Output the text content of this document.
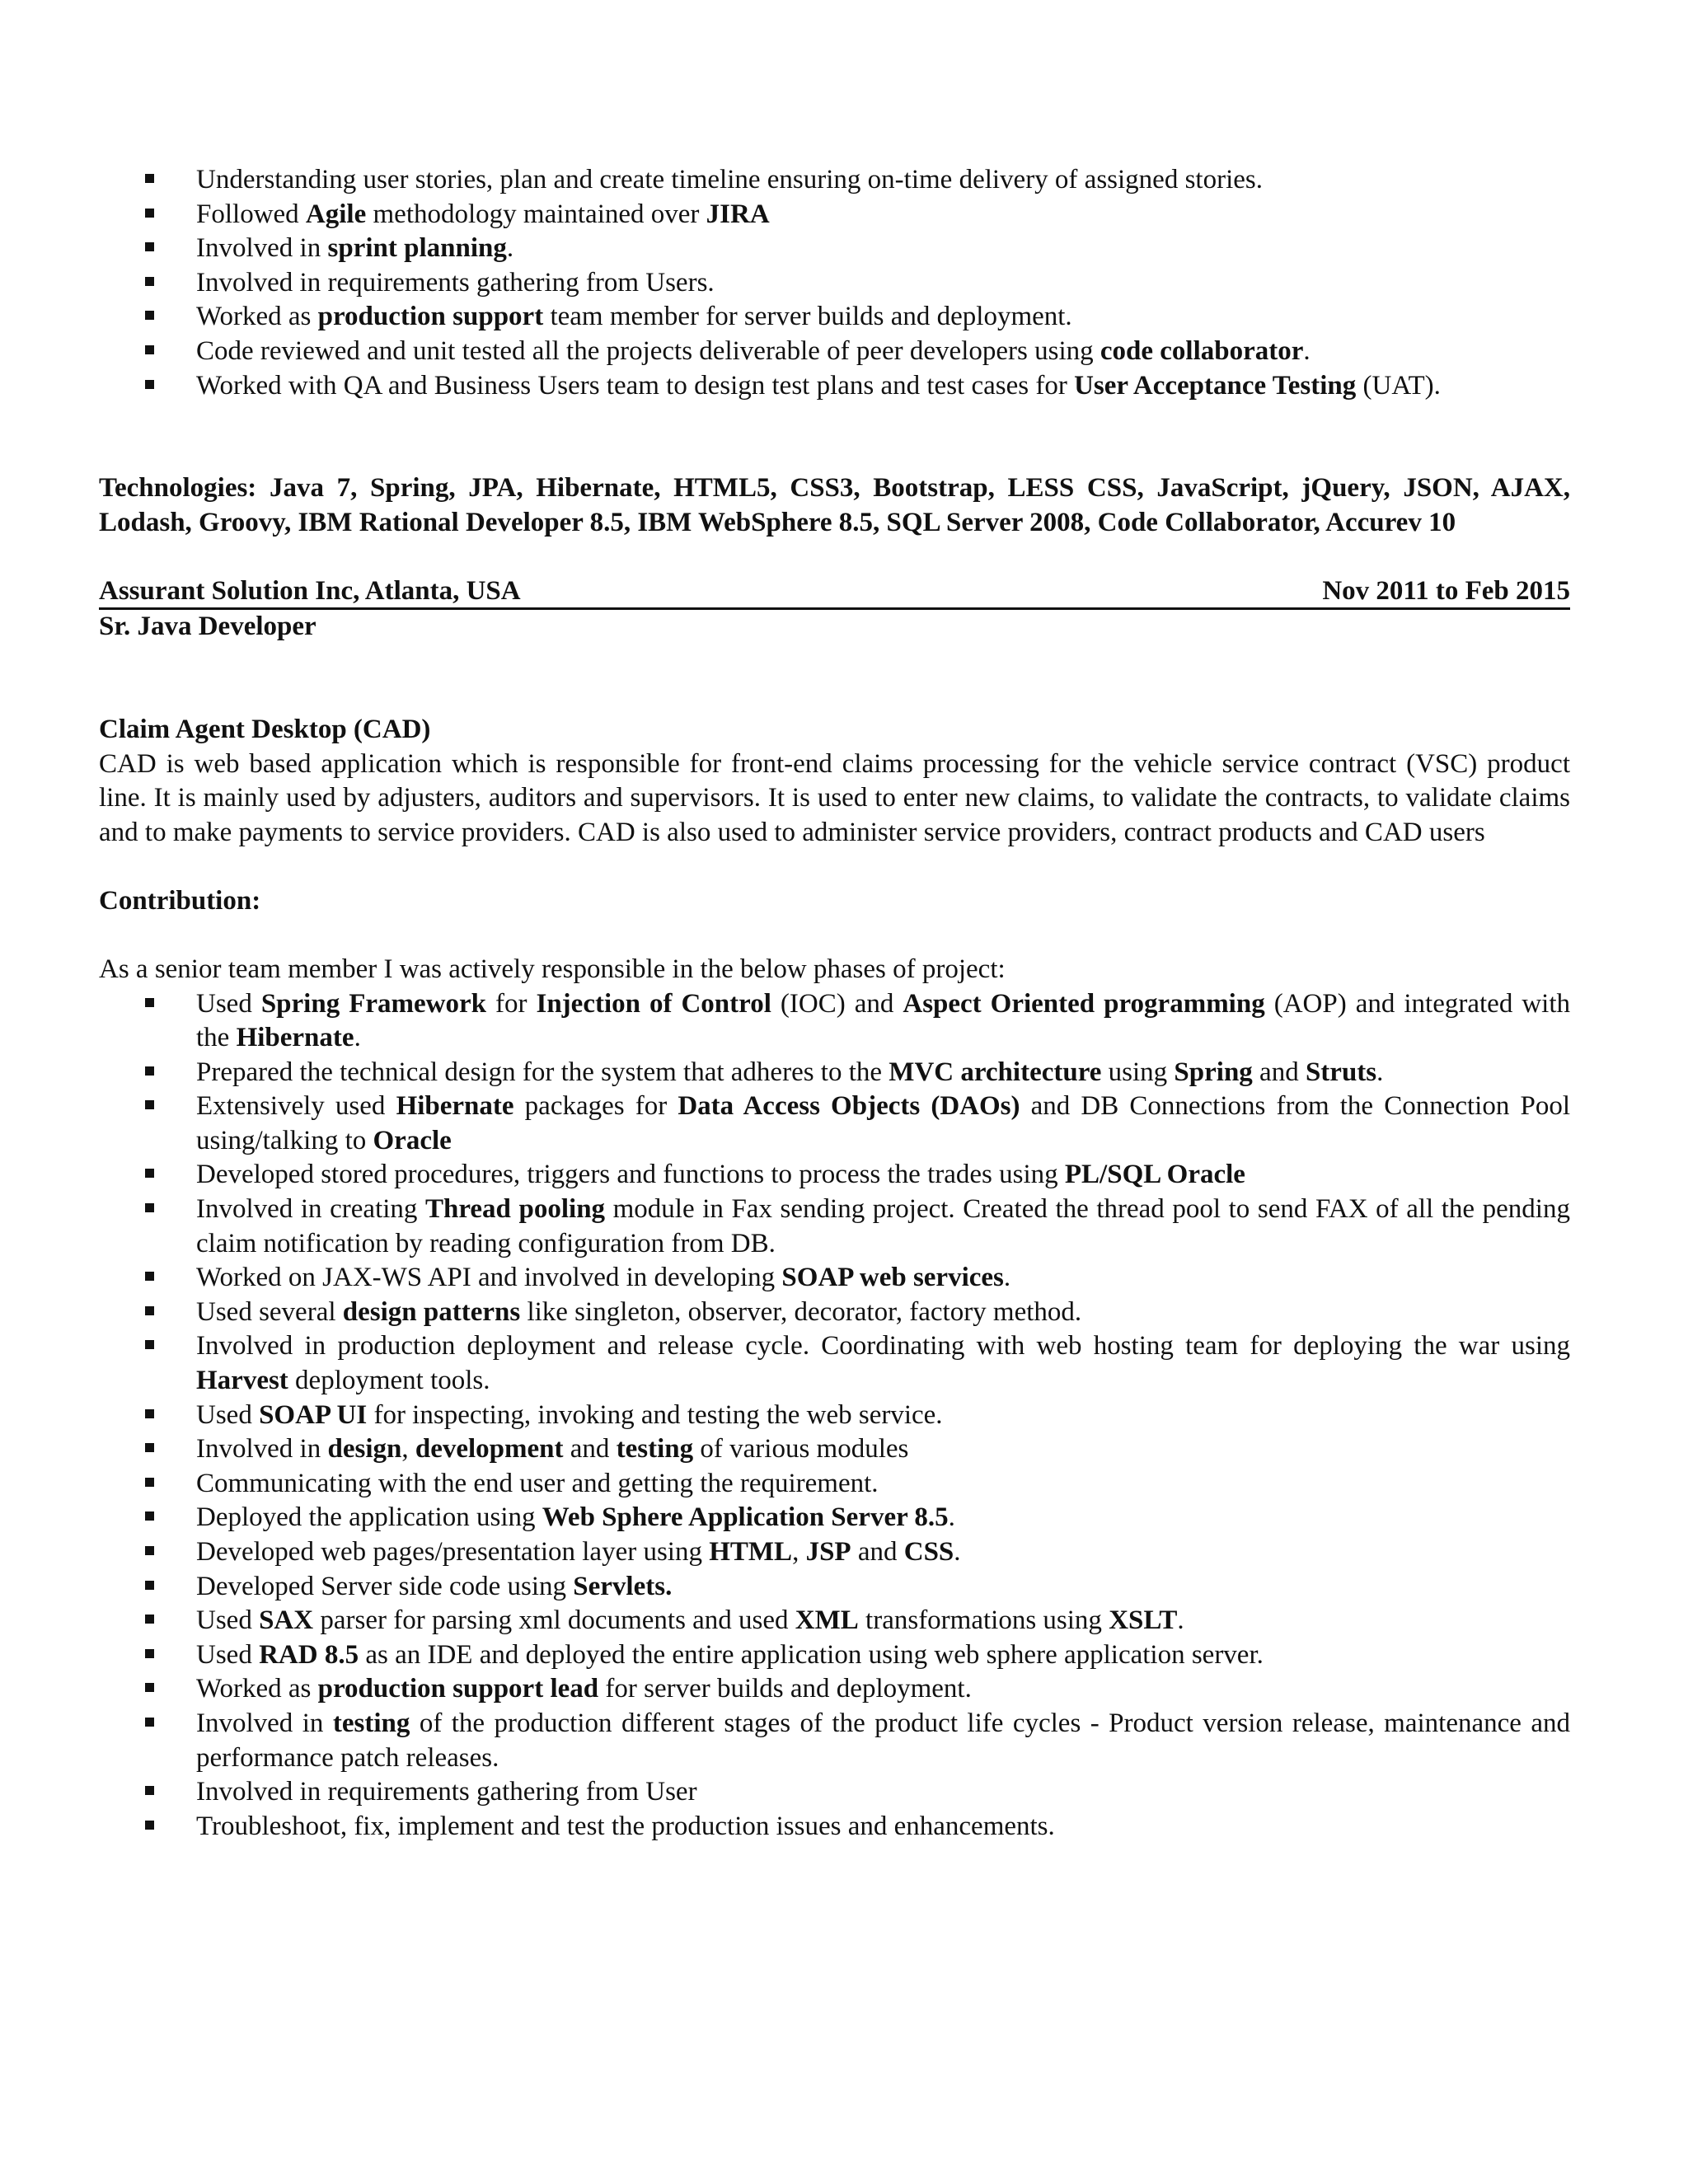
Understanding user stories, plan and create timeline ensuring on-time delivery of assigned stories.
Followed Agile methodology maintained over JIRA
Involved in sprint planning.
Involved in requirements gathering from Users.
Worked as production support team member for server builds and deployment.
Code reviewed and unit tested all the projects deliverable of peer developers using code collaborator.
Worked with QA and Business Users team to design test plans and test cases for User Acceptance Testing (UAT).
Technologies: Java 7, Spring, JPA, Hibernate, HTML5, CSS3, Bootstrap, LESS CSS, JavaScript, jQuery, JSON, AJAX, Lodash, Groovy, IBM Rational Developer 8.5, IBM WebSphere 8.5, SQL Server 2008, Code Collaborator, Accurev 10
Assurant Solution Inc, Atlanta, USA	Nov 2011 to Feb 2015
Sr. Java Developer
Claim Agent Desktop (CAD)
CAD is web based application which is responsible for front-end claims processing for the vehicle service contract (VSC) product line. It is mainly used by adjusters, auditors and supervisors. It is used to enter new claims, to validate the contracts, to validate claims and to make payments to service providers. CAD is also used to administer service providers, contract products and CAD users
Contribution:
As a senior team member I was actively responsible in the below phases of project:
Used Spring Framework for Injection of Control (IOC) and Aspect Oriented programming (AOP) and integrated with the Hibernate.
Prepared the technical design for the system that adheres to the MVC architecture using Spring and Struts.
Extensively used Hibernate packages for Data Access Objects (DAOs) and DB Connections from the Connection Pool using/talking to Oracle
Developed stored procedures, triggers and functions to process the trades using PL/SQL Oracle
Involved in creating Thread pooling module in Fax sending project. Created the thread pool to send FAX of all the pending claim notification by reading configuration from DB.
Worked on JAX-WS API and involved in developing SOAP web services.
Used several design patterns like singleton, observer, decorator, factory method.
Involved in production deployment and release cycle. Coordinating with web hosting team for deploying the war using Harvest deployment tools.
Used SOAP UI for inspecting, invoking and testing the web service.
Involved in design, development and testing of various modules
Communicating with the end user and getting the requirement.
Deployed the application using Web Sphere Application Server 8.5.
Developed web pages/presentation layer using HTML, JSP and CSS.
Developed Server side code using Servlets.
Used SAX parser for parsing xml documents and used XML transformations using XSLT.
Used RAD 8.5 as an IDE and deployed the entire application using web sphere application server.
Worked as production support lead for server builds and deployment.
Involved in testing of the production different stages of the product life cycles - Product version release, maintenance and performance patch releases.
Involved in requirements gathering from User
Troubleshoot, fix, implement and test the production issues and enhancements.
